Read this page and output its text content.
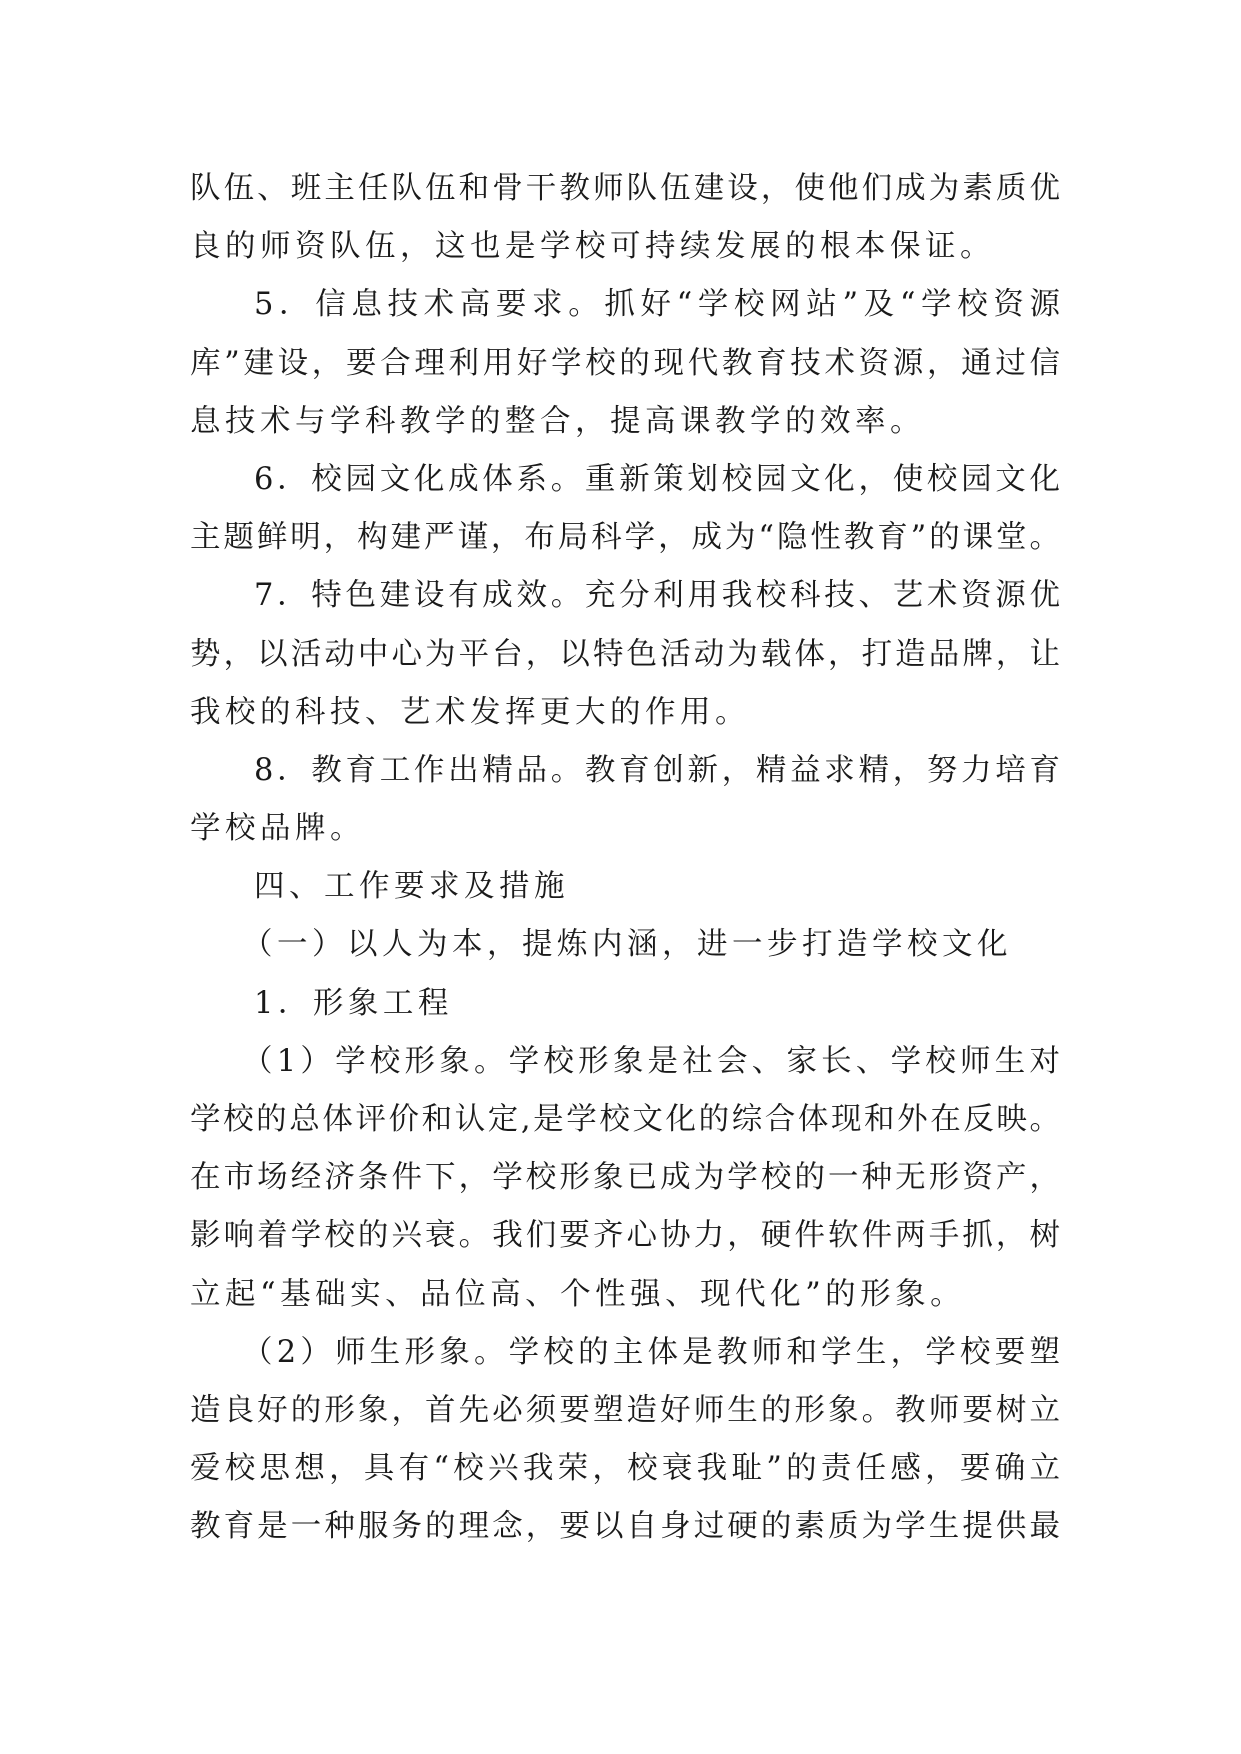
队伍、班主任队伍和骨干教师队伍建设，使他们成为素质优
良的师资队伍，这也是学校可持续发展的根本保证。
5．信息技术高要求。抓好“学校网站”及“学校资源
库”建设，要合理利用好学校的现代教育技术资源，通过信
息技术与学科教学的整合，提高课教学的效率。
6．校园文化成体系。重新策划校园文化，使校园文化
主题鲜明，构建严谨，布局科学，成为“隐性教育”的课堂。
7．特色建设有成效。充分利用我校科技、艺术资源优
势，以活动中心为平台，以特色活动为载体，打造品牌，让
我校的科技、艺术发挥更大的作用。
8．教育工作出精品。教育创新，精益求精，努力培育
学校品牌。
四、工作要求及措施
（一）以人为本，提炼内涵，进一步打造学校文化
1．形象工程
（1）学校形象。学校形象是社会、家长、学校师生对
学校的总体评价和认定,是学校文化的综合体现和外在反映。
在市场经济条件下，学校形象已成为学校的一种无形资产，
影响着学校的兴衰。我们要齐心协力，硬件软件两手抓，树
立起“基础实、品位高、个性强、现代化”的形象。
（2）师生形象。学校的主体是教师和学生，学校要塑
造良好的形象，首先必须要塑造好师生的形象。教师要树立
爱校思想，具有“校兴我荣，校衰我耻”的责任感，要确立
教育是一种服务的理念，要以自身过硬的素质为学生提供最
